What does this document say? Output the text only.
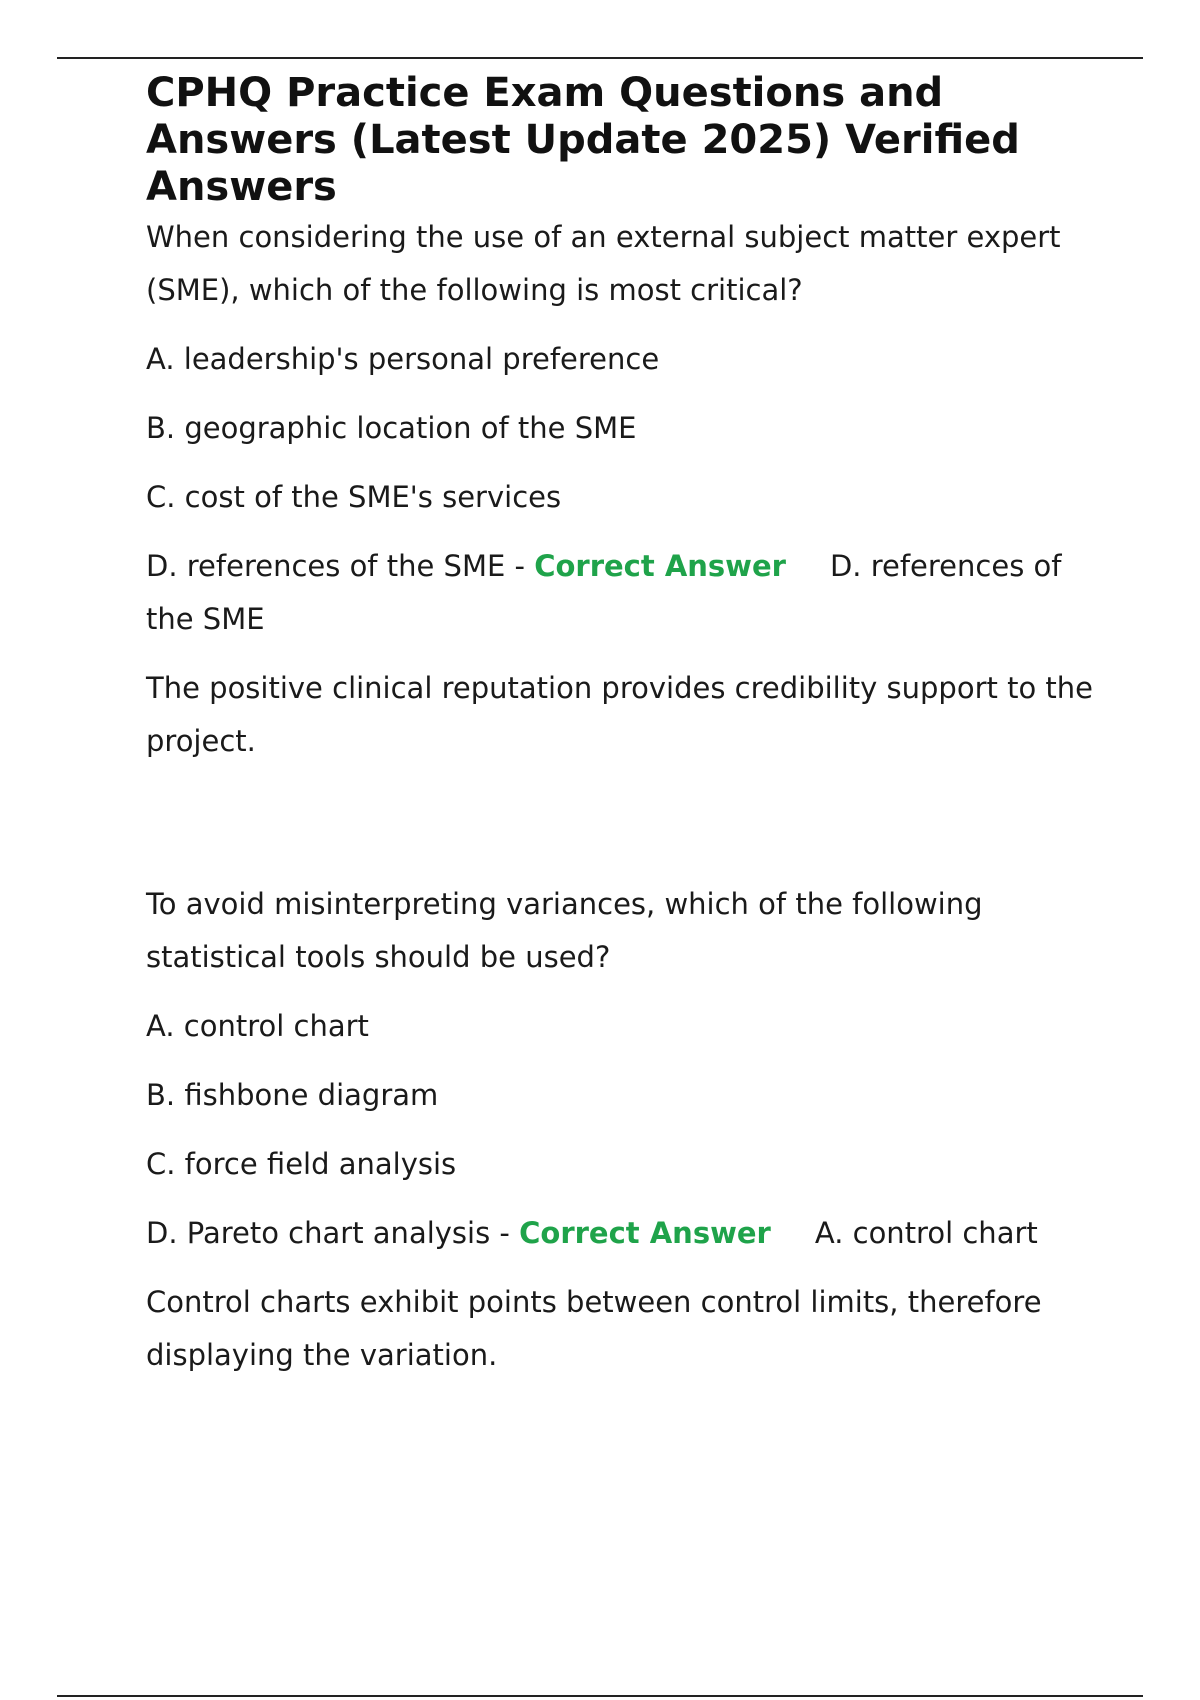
CPHQ Practice Exam Questions and Answers (Latest Update 2025) Verified Answers

When considering the use of an external subject matter expert (SME), which of the following is most critical?

A. leadership's personal preference

B. geographic location of the SME

C. cost of the SME's services

D. references of the SME - Correct Answer D. references of the SME

The positive clinical reputation provides credibility support to the project.

To avoid misinterpreting variances, which of the following statistical tools should be used?

A. control chart

B. fishbone diagram

C. force field analysis

D. Pareto chart analysis - Correct Answer A. control chart

Control charts exhibit points between control limits, therefore displaying the variation.
